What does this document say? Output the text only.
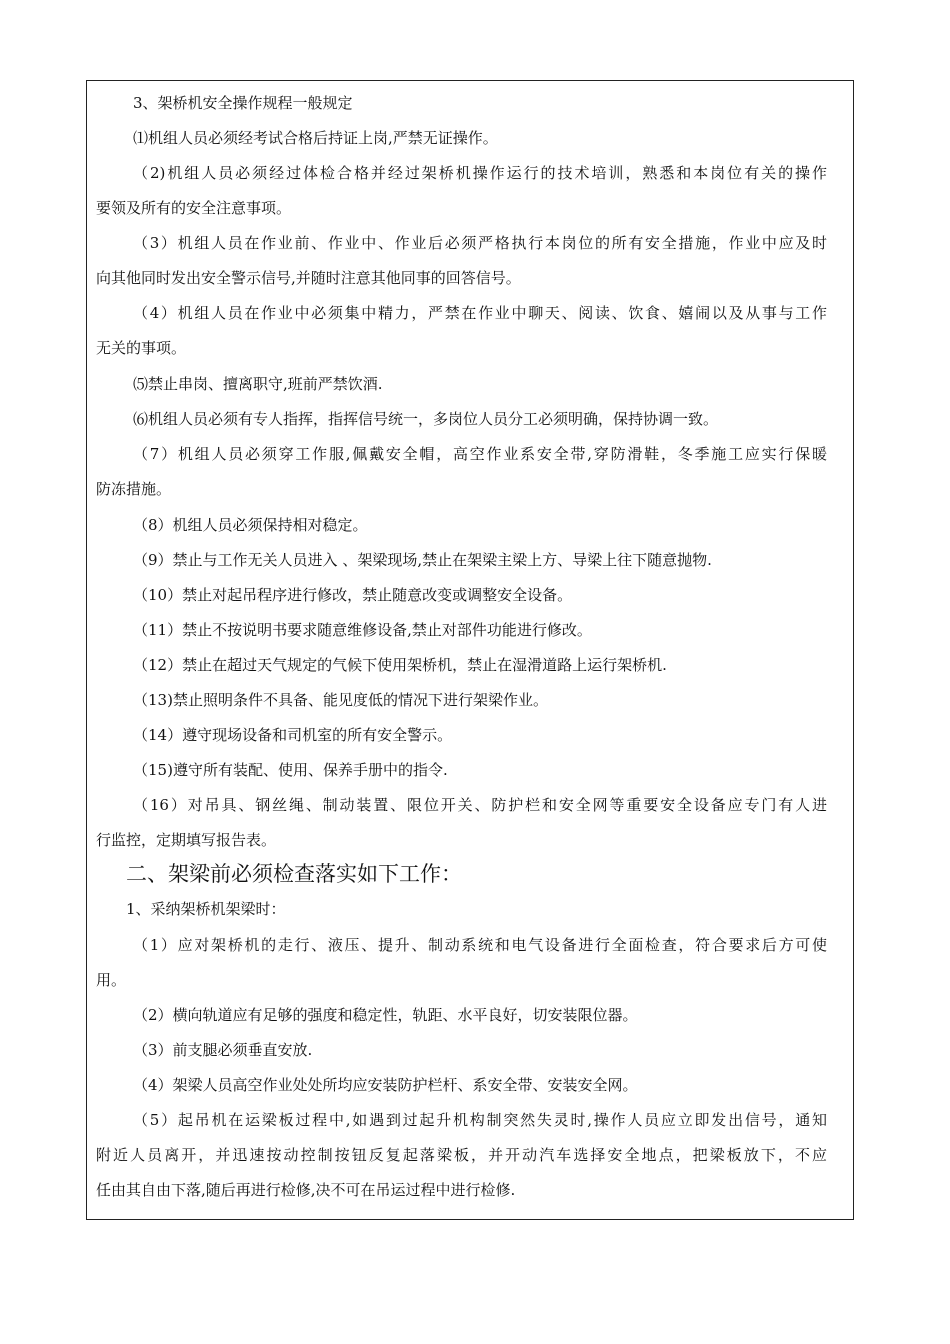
3、架桥机安全操作规程一般规定
⑴机组人员必须经考试合格后持证上岗,严禁无证操作。
（2)机组人员必须经过体检合格并经过架桥机操作运行的技术培训，熟悉和本岗位有关的操作
要领及所有的安全注意事项。
（3）机组人员在作业前、作业中、作业后必须严格执行本岗位的所有安全措施，作业中应及时
向其他同时发出安全警示信号,并随时注意其他同事的回答信号。
（4）机组人员在作业中必须集中精力，严禁在作业中聊天、阅读、饮食、嬉闹以及从事与工作
无关的事项。
⑸禁止串岗、擅离职守,班前严禁饮酒.
⑹机组人员必须有专人指挥，指挥信号统一，多岗位人员分工必须明确，保持协调一致。
（7）机组人员必须穿工作服,佩戴安全帽，高空作业系安全带,穿防滑鞋，冬季施工应实行保暖
防冻措施。
（8）机组人员必须保持相对稳定。
（9）禁止与工作无关人员进入 、架梁现场,禁止在架梁主梁上方、导梁上往下随意抛物.
（10）禁止对起吊程序进行修改，禁止随意改变或调整安全设备。
（11）禁止不按说明书要求随意维修设备,禁止对部件功能进行修改。
（12）禁止在超过天气规定的气候下使用架桥机，禁止在湿滑道路上运行架桥机.
（13)禁止照明条件不具备、能见度低的情况下进行架梁作业。
（14）遵守现场设备和司机室的所有安全警示。
（15)遵守所有装配、使用、保养手册中的指令.
（16）对吊具、钢丝绳、制动装置、限位开关、防护栏和安全网等重要安全设备应专门有人进
行监控，定期填写报告表。
二、架梁前必须检查落实如下工作：
1、采纳架桥机架梁时：
（1）应对架桥机的走行、液压、提升、制动系统和电气设备进行全面检查，符合要求后方可使
用。
（2）横向轨道应有足够的强度和稳定性，轨距、水平良好，切安装限位器。
（3）前支腿必须垂直安放.
（4）架梁人员高空作业处处所均应安装防护栏杆、系安全带、安装安全网。
（5）起吊机在运梁板过程中,如遇到过起升机构制突然失灵时,操作人员应立即发出信号，通知
附近人员离开，并迅速按动控制按钮反复起落梁板，并开动汽车选择安全地点，把梁板放下，不应
任由其自由下落,随后再进行检修,决不可在吊运过程中进行检修.
